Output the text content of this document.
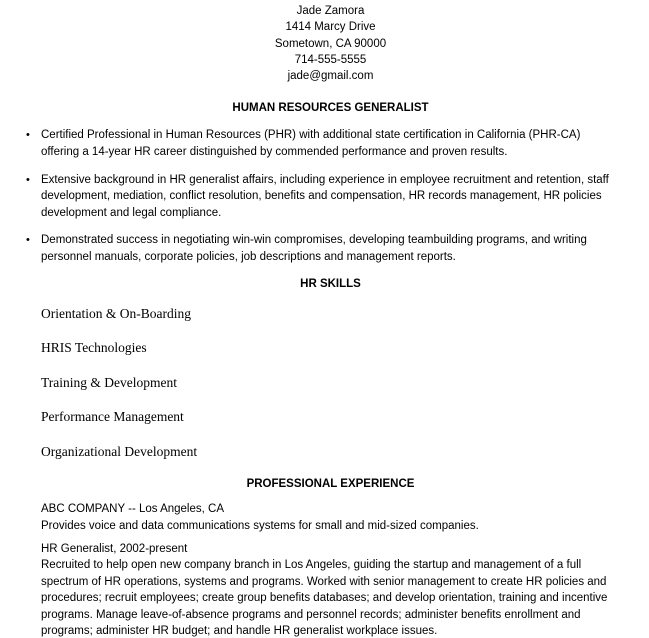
Jade Zamora
1414 Marcy Drive
Sometown, CA 90000
714-555-5555
jade@gmail.com
HUMAN RESOURCES GENERALIST
• Certified Professional in Human Resources (PHR) with additional state certification in California (PHR-CA) offering a 14-year HR career distinguished by commended performance and proven results.
• Extensive background in HR generalist affairs, including experience in employee recruitment and retention, staff development, mediation, conflict resolution, benefits and compensation, HR records management, HR policies development and legal compliance.
• Demonstrated success in negotiating win-win compromises, developing teambuilding programs, and writing personnel manuals, corporate policies, job descriptions and management reports.
HR SKILLS
Orientation & On-Boarding
HRIS Technologies
Training & Development
Performance Management
Organizational Development
PROFESSIONAL EXPERIENCE
ABC COMPANY -- Los Angeles, CA
Provides voice and data communications systems for small and mid-sized companies.
HR Generalist, 2002-present

Recruited to help open new company branch in Los Angeles, guiding the startup and management of a full spectrum of HR operations, systems and programs. Worked with senior management to create HR policies and procedures; recruit employees; create group benefits databases; and develop orientation, training and incentive programs. Manage leave-of-absence programs and personnel records; administer benefits enrollment and programs; administer HR budget; and handle HR generalist workplace issues.
